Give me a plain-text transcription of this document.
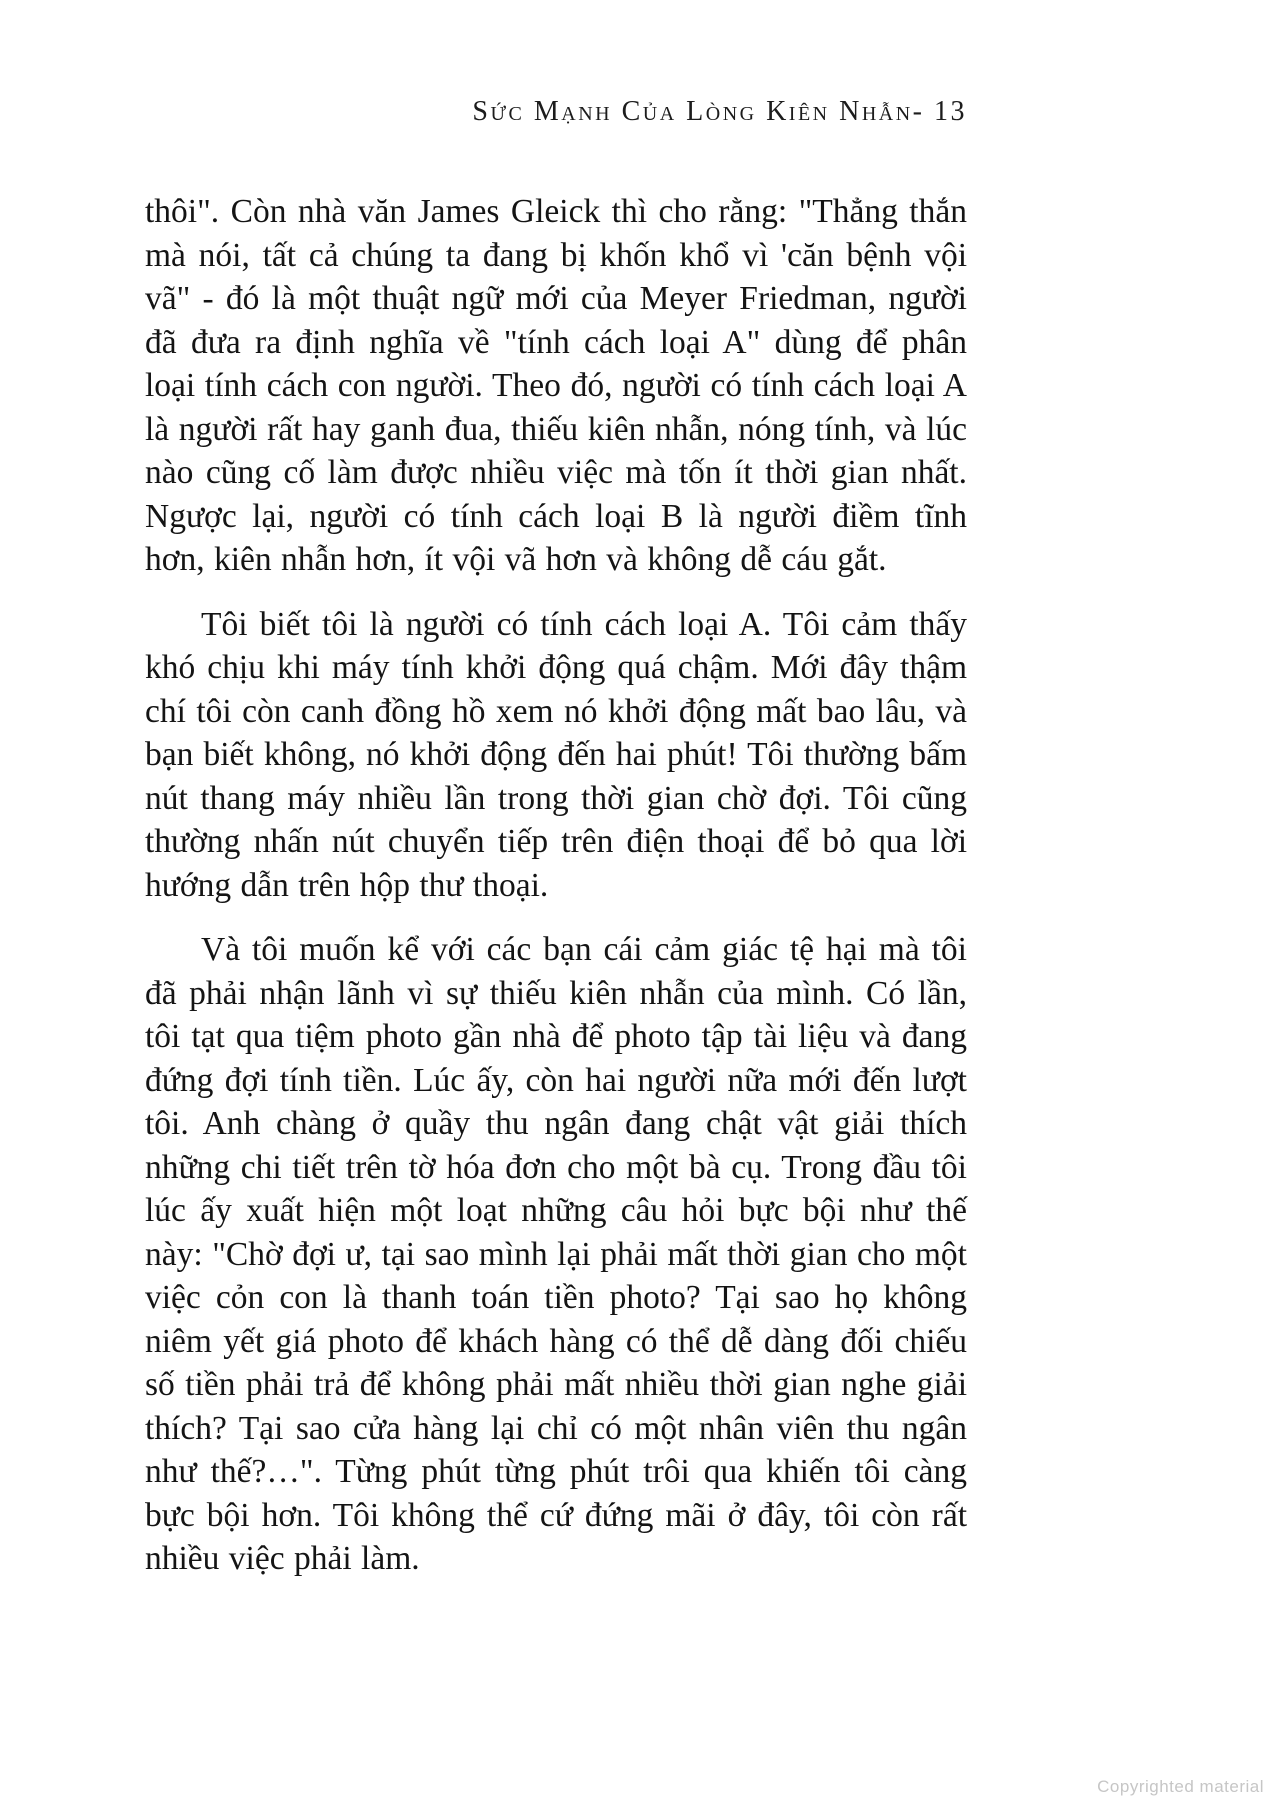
Sức Mạnh Của Lòng Kiên Nhẫn- 13

thôi". Còn nhà văn James Gleick thì cho rằng: "Thẳng thắn mà nói, tất cả chúng ta đang bị khốn khổ vì 'căn bệnh vội vã" - đó là một thuật ngữ mới của Meyer Friedman, người đã đưa ra định nghĩa về "tính cách loại A" dùng để phân loại tính cách con người. Theo đó, người có tính cách loại A là người rất hay ganh đua, thiếu kiên nhẫn, nóng tính, và lúc nào cũng cố làm được nhiều việc mà tốn ít thời gian nhất. Ngược lại, người có tính cách loại B là người điềm tĩnh hơn, kiên nhẫn hơn, ít vội vã hơn và không dễ cáu gắt.

Tôi biết tôi là người có tính cách loại A. Tôi cảm thấy khó chịu khi máy tính khởi động quá chậm. Mới đây thậm chí tôi còn canh đồng hồ xem nó khởi động mất bao lâu, và bạn biết không, nó khởi động đến hai phút! Tôi thường bấm nút thang máy nhiều lần trong thời gian chờ đợi. Tôi cũng thường nhấn nút chuyển tiếp trên điện thoại để bỏ qua lời hướng dẫn trên hộp thư thoại.

Và tôi muốn kể với các bạn cái cảm giác tệ hại mà tôi đã phải nhận lãnh vì sự thiếu kiên nhẫn của mình. Có lần, tôi tạt qua tiệm photo gần nhà để photo tập tài liệu và đang đứng đợi tính tiền. Lúc ấy, còn hai người nữa mới đến lượt tôi. Anh chàng ở quầy thu ngân đang chật vật giải thích những chi tiết trên tờ hóa đơn cho một bà cụ. Trong đầu tôi lúc ấy xuất hiện một loạt những câu hỏi bực bội như thế này: "Chờ đợi ư, tại sao mình lại phải mất thời gian cho một việc cỏn con là thanh toán tiền photo? Tại sao họ không niêm yết giá photo để khách hàng có thể dễ dàng đối chiếu số tiền phải trả để không phải mất nhiều thời gian nghe giải thích? Tại sao cửa hàng lại chỉ có một nhân viên thu ngân như thế?…". Từng phút từng phút trôi qua khiến tôi càng bực bội hơn. Tôi không thể cứ đứng mãi ở đây, tôi còn rất nhiều việc phải làm.

Copyrighted material
